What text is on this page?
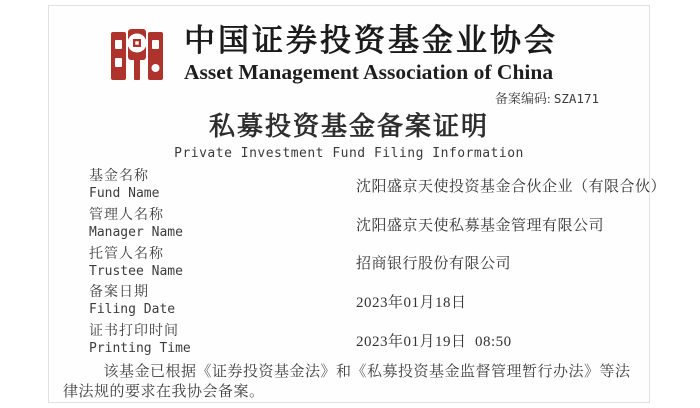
中国证券投资基金业协会
Asset Management Association of China
备案编码: SZA171
私募投资基金备案证明
Private Investment Fund Filing Information
基金名称
Fund Name	沈阳盛京天使投资基金合伙企业（有限合伙）
管理人名称
Manager Name	沈阳盛京天使私募基金管理有限公司
托管人名称
Trustee Name	招商银行股份有限公司
备案日期
Filing Date	2023年01月18日
证书打印时间
Printing Time	2023年01月19日  08:50
该基金已根据《证券投资基金法》和《私募投资基金监督管理暂行办法》等法律法规的要求在我协会备案。
